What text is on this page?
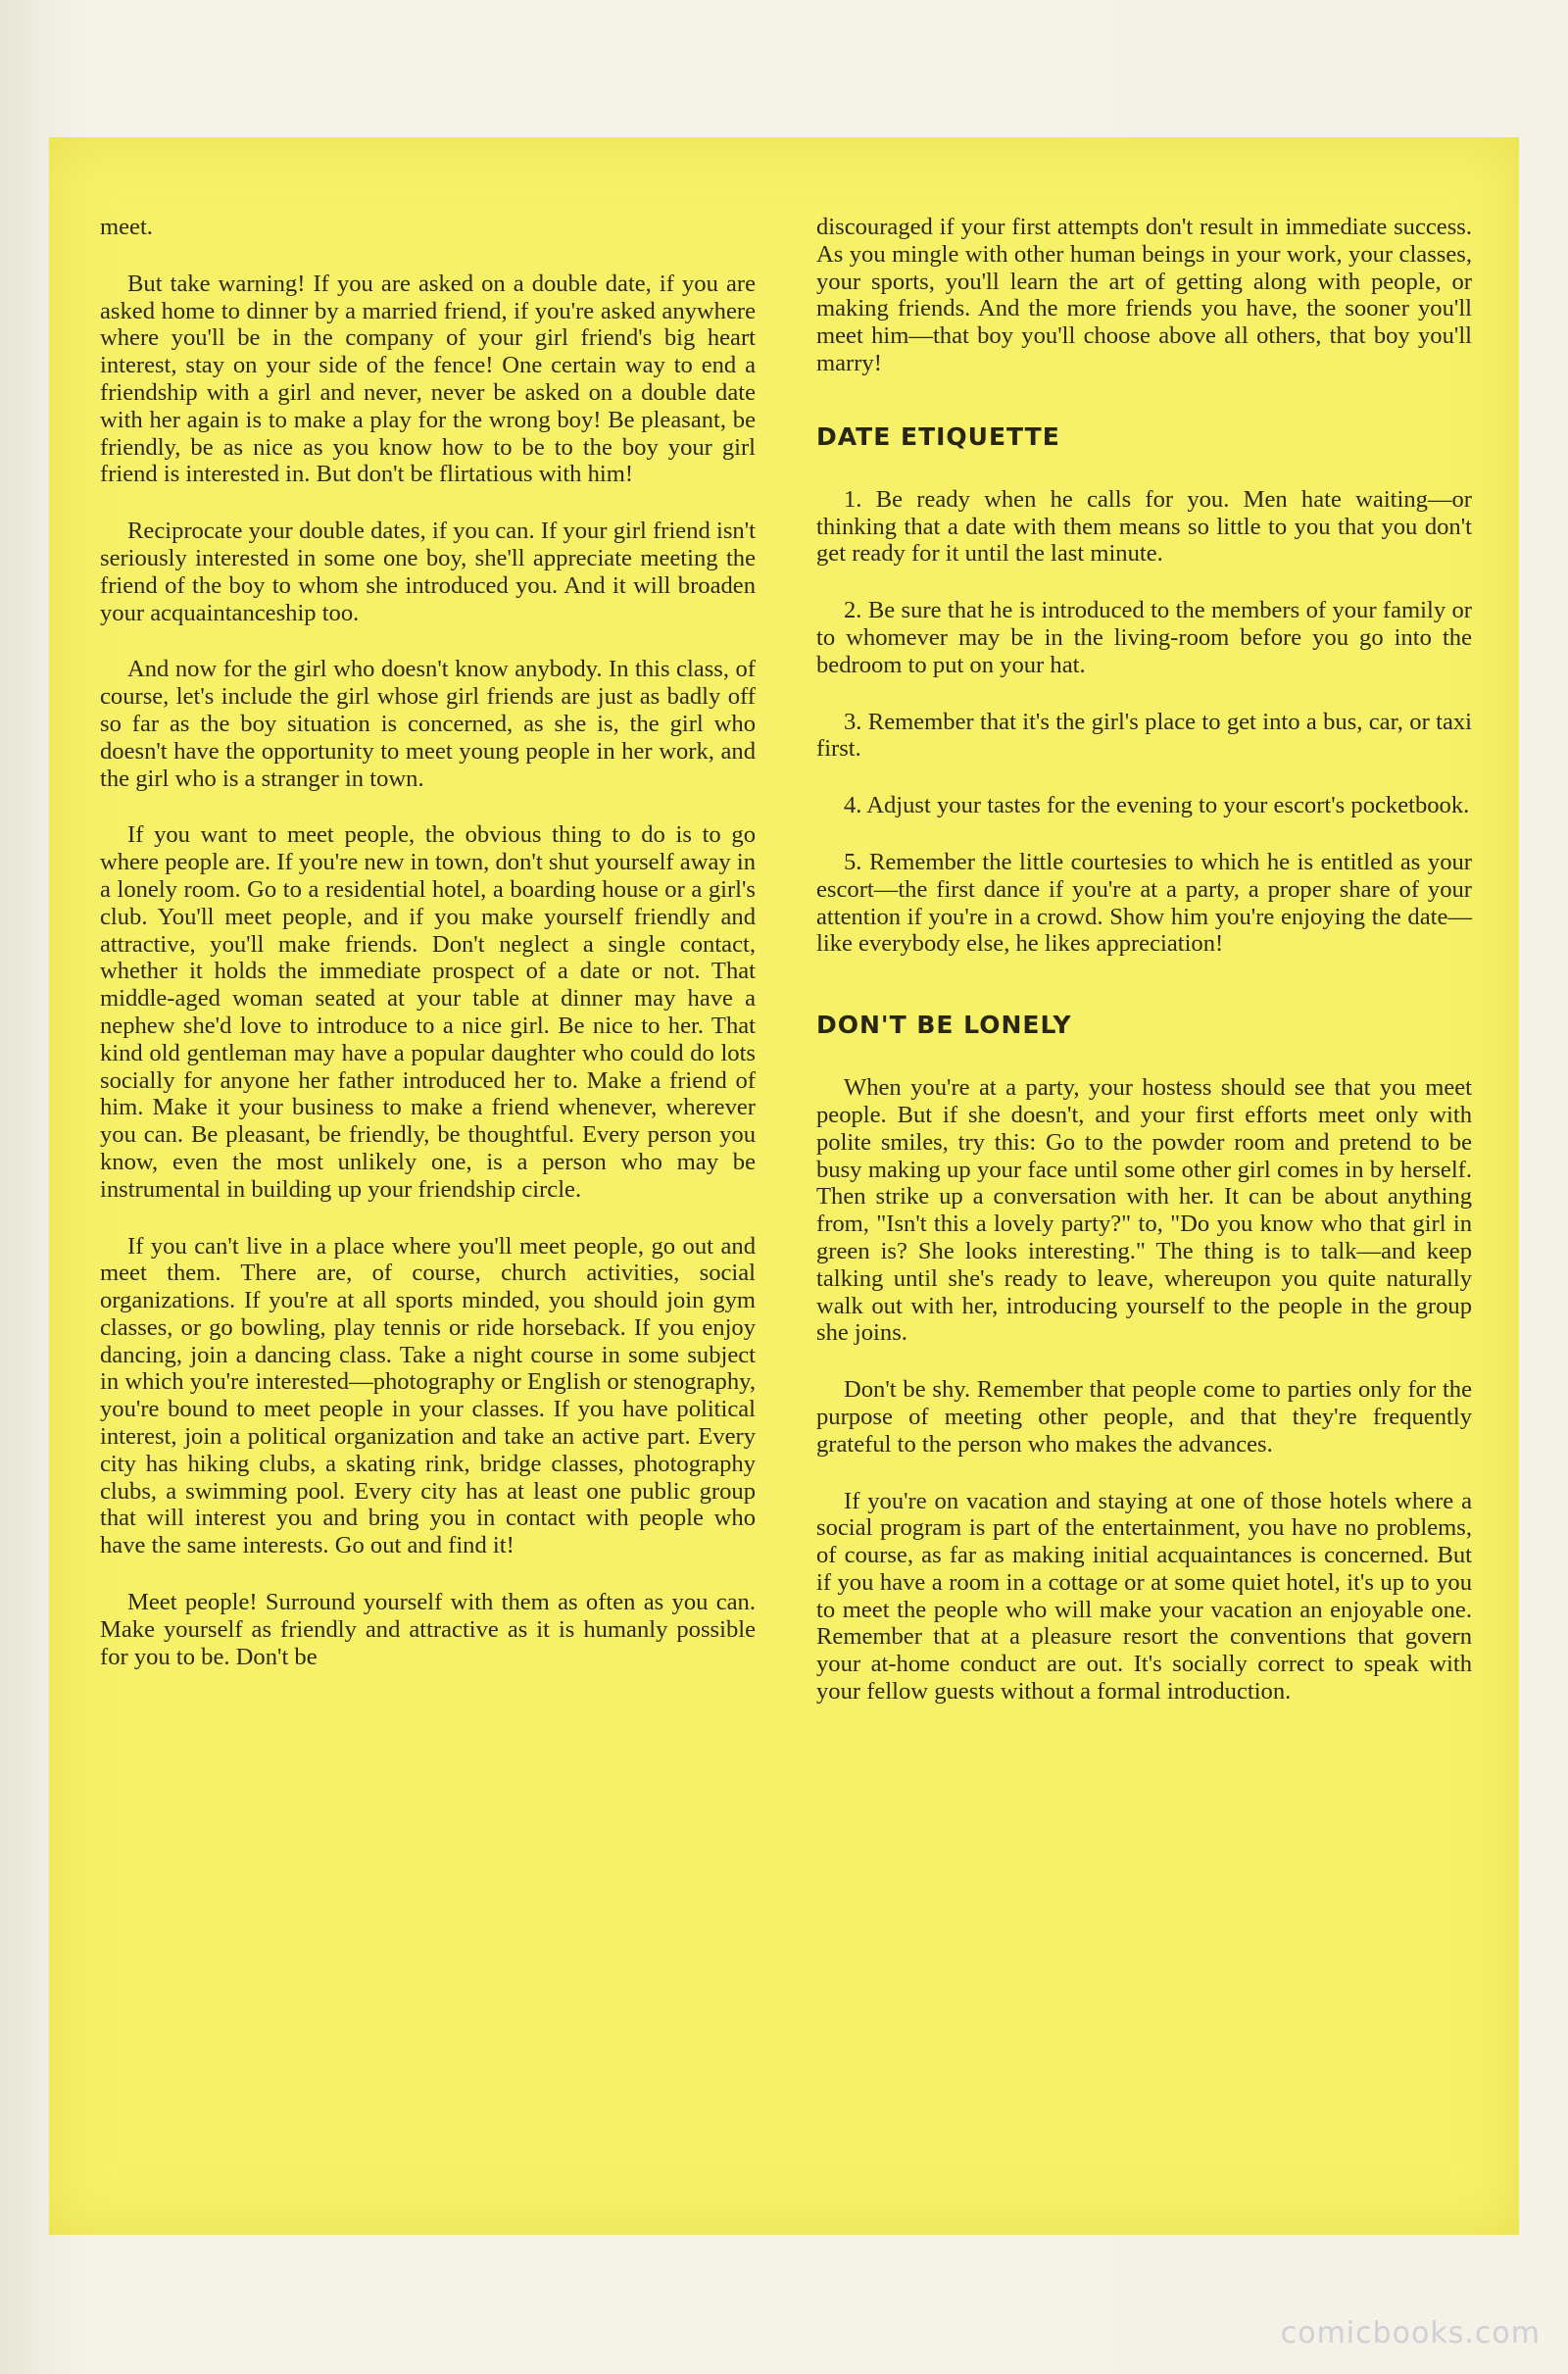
meet.

But take warning! If you are asked on a double date, if you are asked home to dinner by a married friend, if you're asked anywhere where you'll be in the company of your girl friend's big heart interest, stay on your side of the fence! One certain way to end a friendship with a girl and never, never be asked on a double date with her again is to make a play for the wrong boy! Be pleasant, be friendly, be as nice as you know how to be to the boy your girl friend is interested in. But don't be flirtatious with him!

Reciprocate your double dates, if you can. If your girl friend isn't seriously interested in some one boy, she'll appreciate meeting the friend of the boy to whom she introduced you. And it will broaden your acquaintanceship too.

And now for the girl who doesn't know anybody. In this class, of course, let's include the girl whose girl friends are just as badly off so far as the boy situation is concerned, as she is, the girl who doesn't have the opportunity to meet young people in her work, and the girl who is a stranger in town.

If you want to meet people, the obvious thing to do is to go where people are. If you're new in town, don't shut yourself away in a lonely room. Go to a residential hotel, a boarding house or a girl's club. You'll meet people, and if you make yourself friendly and attractive, you'll make friends. Don't neglect a single contact, whether it holds the immediate prospect of a date or not. That middle-aged woman seated at your table at dinner may have a nephew she'd love to introduce to a nice girl. Be nice to her. That kind old gentleman may have a popular daughter who could do lots socially for anyone her father introduced her to. Make a friend of him. Make it your business to make a friend whenever, wherever you can. Be pleasant, be friendly, be thoughtful. Every person you know, even the most unlikely one, is a person who may be instrumental in building up your friendship circle.

If you can't live in a place where you'll meet people, go out and meet them. There are, of course, church activities, social organizations. If you're at all sports minded, you should join gym classes, or go bowling, play tennis or ride horseback. If you enjoy dancing, join a dancing class. Take a night course in some subject in which you're interested—photography or English or stenography, you're bound to meet people in your classes. If you have political interest, join a political organization and take an active part. Every city has hiking clubs, a skating rink, bridge classes, photography clubs, a swimming pool. Every city has at least one public group that will interest you and bring you in contact with people who have the same interests. Go out and find it!

Meet people! Surround yourself with them as often as you can. Make yourself as friendly and attractive as it is humanly possible for you to be. Don't be

discouraged if your first attempts don't result in immediate success. As you mingle with other human beings in your work, your classes, your sports, you'll learn the art of getting along with people, or making friends. And the more friends you have, the sooner you'll meet him—that boy you'll choose above all others, that boy you'll marry!

DATE ETIQUETTE

1. Be ready when he calls for you. Men hate waiting—or thinking that a date with them means so little to you that you don't get ready for it until the last minute.

2. Be sure that he is introduced to the members of your family or to whomever may be in the living-room before you go into the bedroom to put on your hat.

3. Remember that it's the girl's place to get into a bus, car, or taxi first.

4. Adjust your tastes for the evening to your escort's pocketbook.

5. Remember the little courtesies to which he is entitled as your escort—the first dance if you're at a party, a proper share of your attention if you're in a crowd. Show him you're enjoying the date—like everybody else, he likes appreciation!

DON'T BE LONELY

When you're at a party, your hostess should see that you meet people. But if she doesn't, and your first efforts meet only with polite smiles, try this: Go to the powder room and pretend to be busy making up your face until some other girl comes in by herself. Then strike up a conversation with her. It can be about anything from, "Isn't this a lovely party?" to, "Do you know who that girl in green is? She looks interesting." The thing is to talk—and keep talking until she's ready to leave, whereupon you quite naturally walk out with her, introducing yourself to the people in the group she joins.

Don't be shy. Remember that people come to parties only for the purpose of meeting other people, and that they're frequently grateful to the person who makes the advances.

If you're on vacation and staying at one of those hotels where a social program is part of the entertainment, you have no problems, of course, as far as making initial acquaintances is concerned. But if you have a room in a cottage or at some quiet hotel, it's up to you to meet the people who will make your vacation an enjoyable one. Remember that at a pleasure resort the conventions that govern your at-home conduct are out. It's socially correct to speak with your fellow guests without a formal introduction.

comicbooks.com
